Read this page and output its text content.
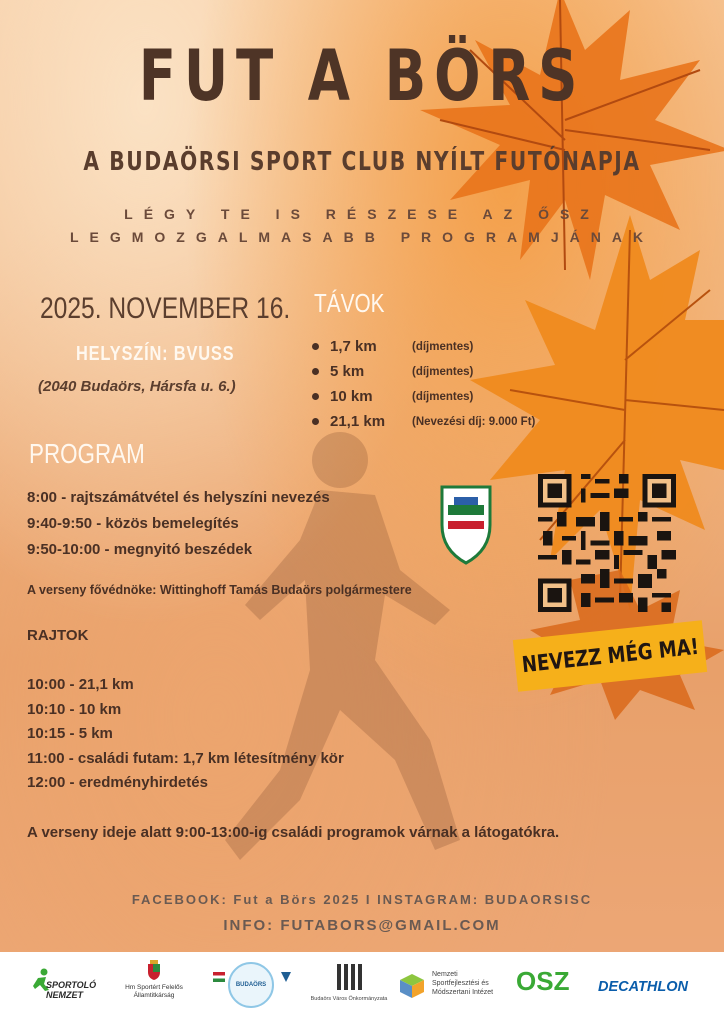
FUT A BÖRS
A BUDAÖRSI SPORT CLUB NYÍLT FUTÓNAPJA
LÉGY TE IS RÉSZESE AZ ŐSZ
LEGMOZGALMASABB PROGRAMJÁNAK
2025. NOVEMBER 16.
HELYSZÍN: BVUSS
(2040 Budaörs, Hársfa u. 6.)
TÁVOK
1,7 km	(díjmentes)
5 km	(díjmentes)
10 km	(díjmentes)
21,1 km	(Nevezési díj: 9.000 Ft)
PROGRAM
8:00 - rajtszámátvétel és helyszíni nevezés
9:40-9:50 - közös bemelegítés
9:50-10:00 - megnyitó beszédek
A verseny fővédnöke: Wittinghoff Tamás Budaörs polgármestere
RAJTOK
10:00 - 21,1 km
10:10 - 10 km
10:15 - 5 km
11:00 - családi futam: 1,7 km létesítmény kör
12:00 - eredményhirdetés
A verseny ideje alatt 9:00-13:00-ig családi programok várnak a látogatókra.
NEVEZZ MÉG MA!
FACEBOOK: Fut a Börs 2025 I INSTAGRAM: BUDAORSISC
INFO: FUTABORS@GMAIL.COM
SPORTOLÓ
NEMZET
Hm Sportért Felelős
Államtitkárság
BUDAÖRS
Budaörs Város Önkormányzata
Nemzeti
Sportfejlesztési és
Módszertani Intézet OSZ	DECATHLON
